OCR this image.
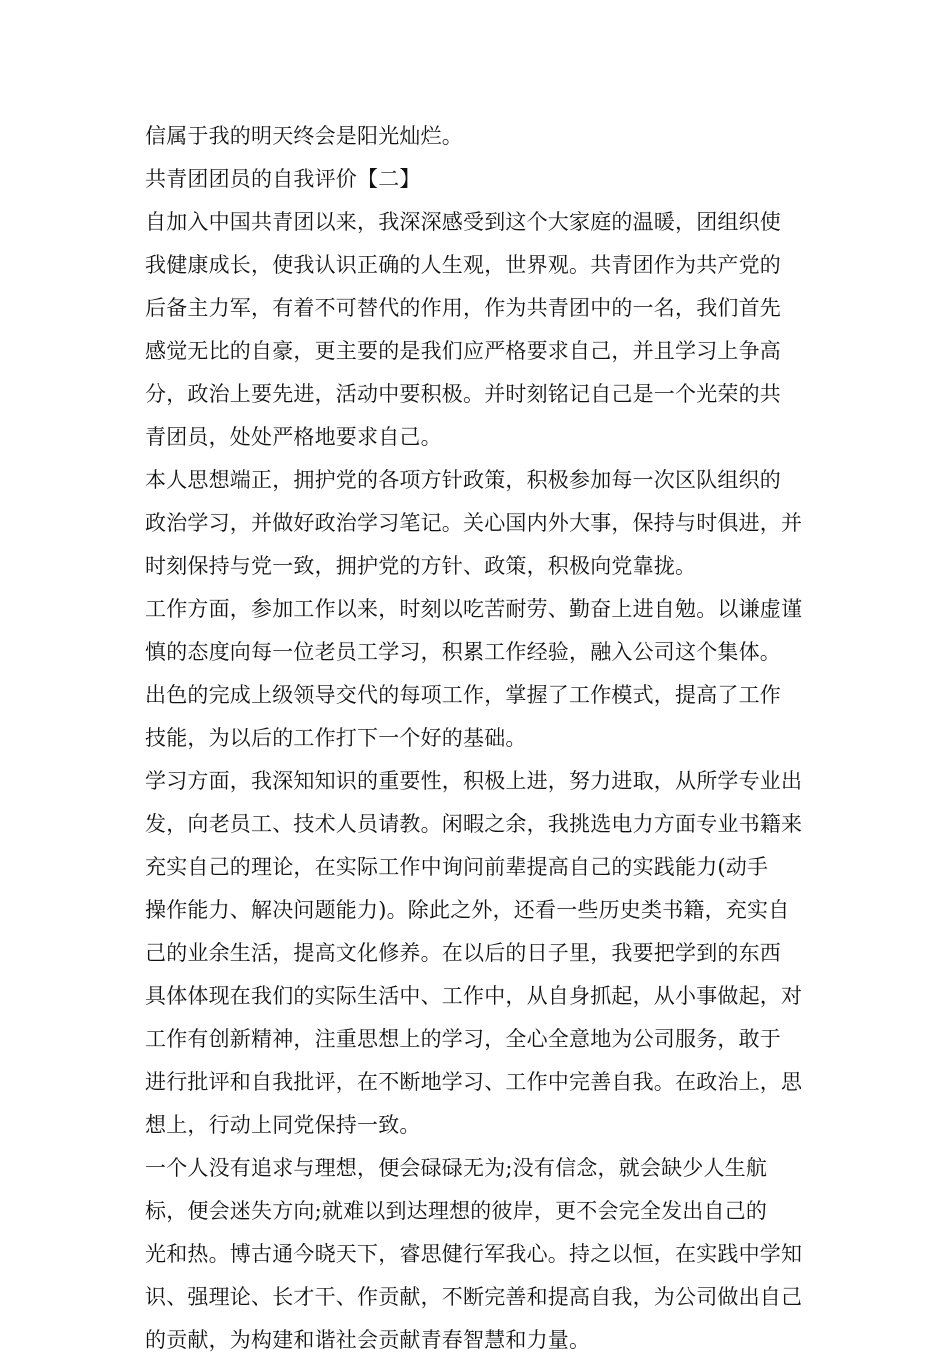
信属于我的明天终会是阳光灿烂。
共青团团员的自我评价【二】
自加入中国共青团以来，我深深感受到这个大家庭的温暖，团组织使
我健康成长，使我认识正确的人生观，世界观。共青团作为共产党的
后备主力军，有着不可替代的作用，作为共青团中的一名，我们首先
感觉无比的自豪，更主要的是我们应严格要求自己，并且学习上争高
分，政治上要先进，活动中要积极。并时刻铭记自己是一个光荣的共
青团员，处处严格地要求自己。
本人思想端正，拥护党的各项方针政策，积极参加每一次区队组织的
政治学习，并做好政治学习笔记。关心国内外大事，保持与时俱进，并
时刻保持与党一致，拥护党的方针、政策，积极向党靠拢。
工作方面，参加工作以来，时刻以吃苦耐劳、勤奋上进自勉。以谦虚谨
慎的态度向每一位老员工学习，积累工作经验，融入公司这个集体。
出色的完成上级领导交代的每项工作，掌握了工作模式，提高了工作
技能，为以后的工作打下一个好的基础。
学习方面，我深知知识的重要性，积极上进，努力进取，从所学专业出
发，向老员工、技术人员请教。闲暇之余，我挑选电力方面专业书籍来
充实自己的理论，在实际工作中询问前辈提高自己的实践能力(动手
操作能力、解决问题能力)。除此之外，还看一些历史类书籍，充实自
己的业余生活，提高文化修养。在以后的日子里，我要把学到的东西
具体体现在我们的实际生活中、工作中，从自身抓起，从小事做起，对
工作有创新精神，注重思想上的学习，全心全意地为公司服务，敢于
进行批评和自我批评，在不断地学习、工作中完善自我。在政治上，思
想上，行动上同党保持一致。
一个人没有追求与理想，便会碌碌无为;没有信念，就会缺少人生航
标，便会迷失方向;就难以到达理想的彼岸，更不会完全发出自己的
光和热。博古通今晓天下，睿思健行军我心。持之以恒，在实践中学知
识、强理论、长才干、作贡献，不断完善和提高自我，为公司做出自己
的贡献，为构建和谐社会贡献青春智慧和力量。
